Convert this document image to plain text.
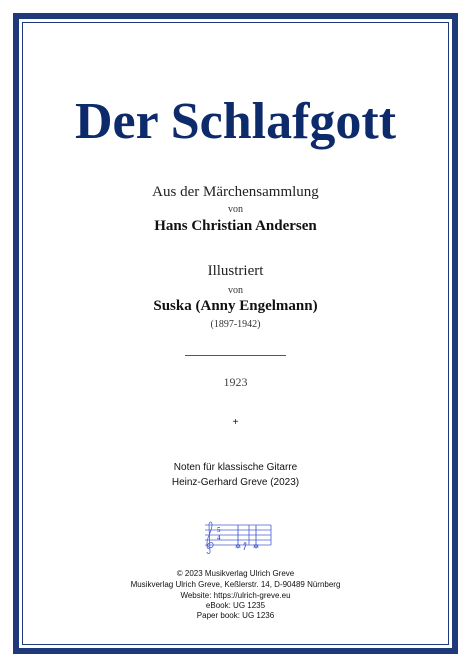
Der Schlafgott
Aus der Märchensammlung
von
Hans Christian Andersen
Illustriert
von
Suska (Anny Engelmann)
(1897-1942)
1923
+
Noten für klassische Gitarre
Heinz-Gerhard Greve (2023)
5
4
© 2023 Musikverlag Ulrich Greve
Musikverlag Ulrich Greve, Keßlerstr. 14, D-90489 Nürnberg
Website: https://ulrich-greve.eu
eBook: UG 1235
Paper book: UG 1236
